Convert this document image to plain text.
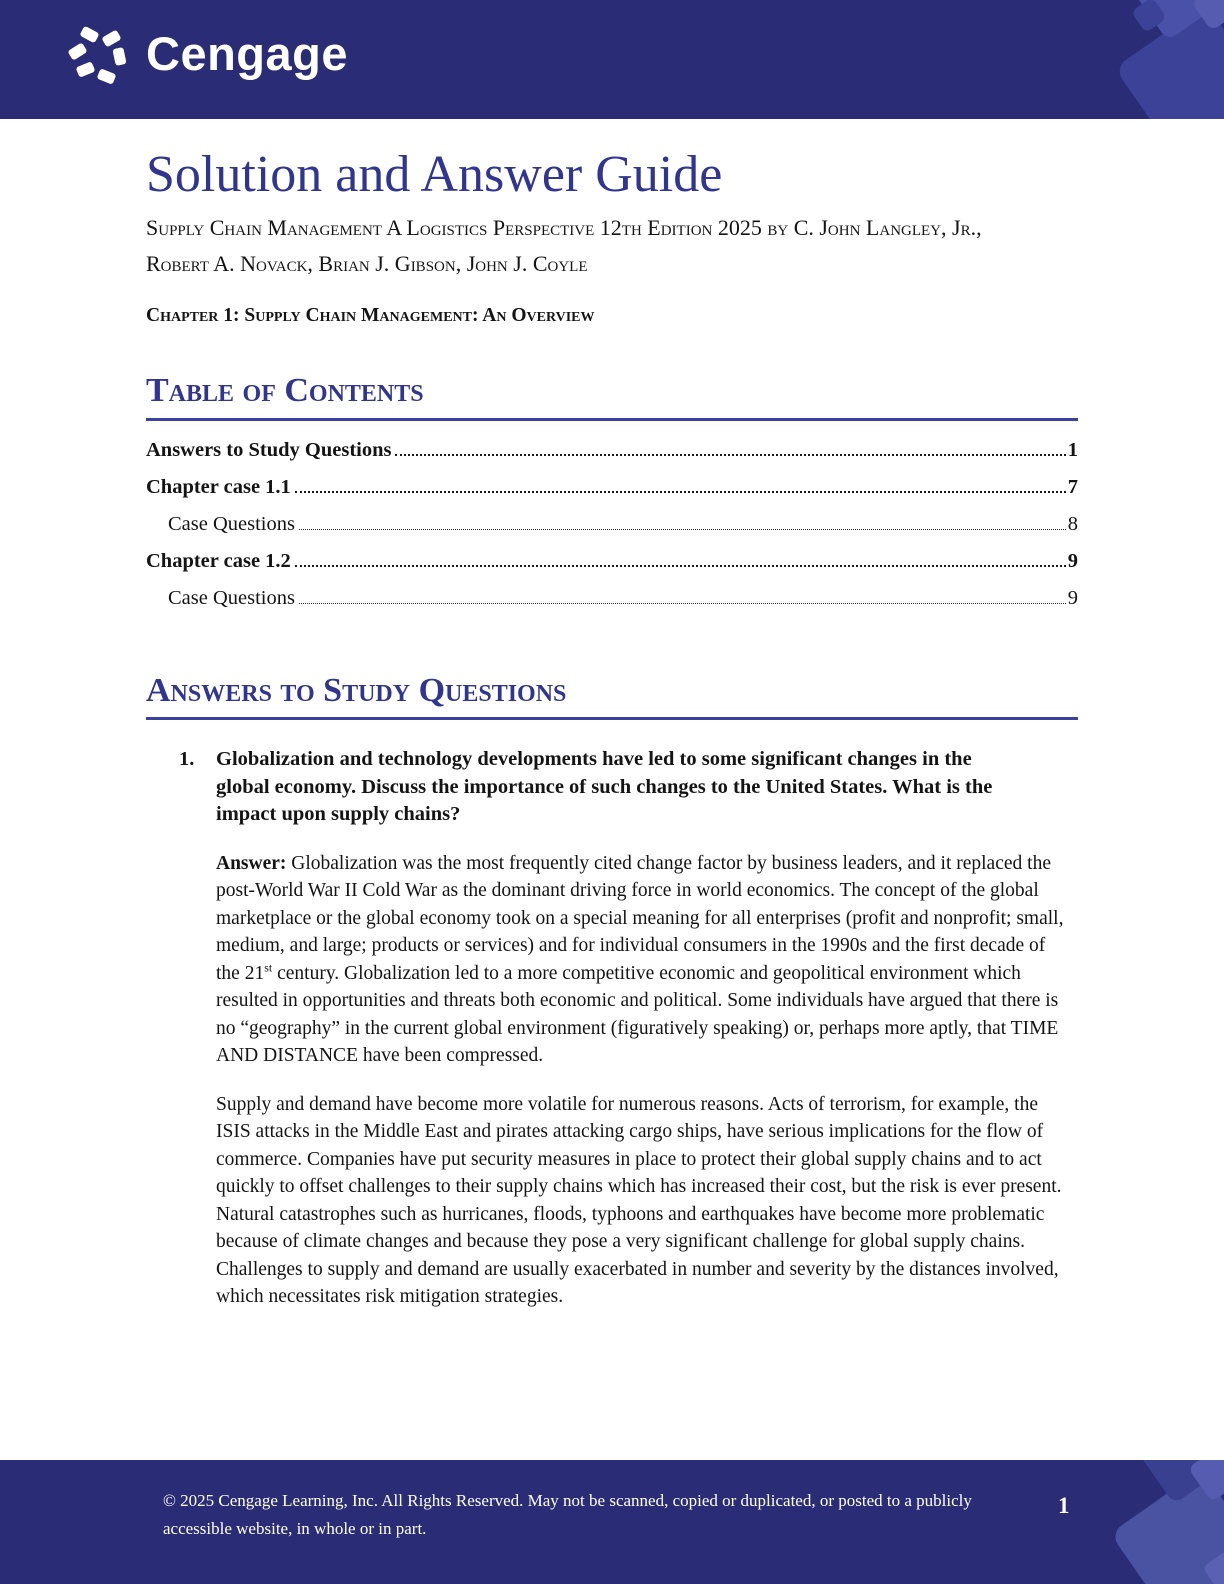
Cengage
Solution and Answer Guide
Supply Chain Management A Logistics Perspective 12th Edition 2025 by C. John Langley, Jr., Robert A. Novack, Brian J. Gibson, John J. Coyle
Chapter 1: Supply Chain Management: An Overview
Table of Contents
Answers to Study Questions	1
Chapter case 1.1	7
Case Questions	8
Chapter case 1.2	9
Case Questions	9
Answers to Study Questions
1.	Globalization and technology developments have led to some significant changes in the global economy. Discuss the importance of such changes to the United States. What is the impact upon supply chains?

Answer: Globalization was the most frequently cited change factor by business leaders, and it replaced the post-World War II Cold War as the dominant driving force in world economics. The concept of the global marketplace or the global economy took on a special meaning for all enterprises (profit and nonprofit; small, medium, and large; products or services) and for individual consumers in the 1990s and the first decade of the 21st century. Globalization led to a more competitive economic and geopolitical environment which resulted in opportunities and threats both economic and political. Some individuals have argued that there is no “geography” in the current global environment (figuratively speaking) or, perhaps more aptly, that TIME AND DISTANCE have been compressed.

Supply and demand have become more volatile for numerous reasons. Acts of terrorism, for example, the ISIS attacks in the Middle East and pirates attacking cargo ships, have serious implications for the flow of commerce. Companies have put security measures in place to protect their global supply chains and to act quickly to offset challenges to their supply chains which has increased their cost, but the risk is ever present. Natural catastrophes such as hurricanes, floods, typhoons and earthquakes have become more problematic because of climate changes and because they pose a very significant challenge for global supply chains. Challenges to supply and demand are usually exacerbated in number and severity by the distances involved, which necessitates risk mitigation strategies.

© 2025 Cengage Learning, Inc. All Rights Reserved. May not be scanned, copied or duplicated, or posted to a publicly
accessible website, in whole or in part.
1
